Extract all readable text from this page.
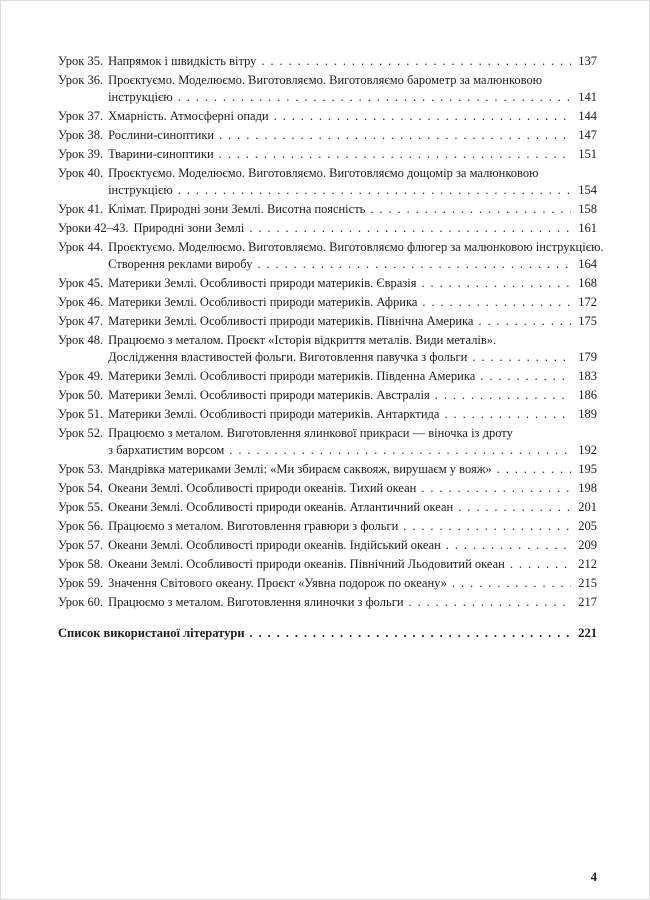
Урок 35. Напрямок і швидкість вітру . . .	137
Урок 36. Проєктуємо. Моделюємо. Виготовляємо. Виготовляємо барометр за малюнковою
інструкцією . . .	141
Урок 37. Хмарність. Атмосферні опади . . .	144
Урок 38. Рослини-синоптики . . .	147
Урок 39. Тварини-синоптики . . .	151
Урок 40. Проєктуємо. Моделюємо. Виготовляємо. Виготовляємо дощомір за малюнковою
інструкцією . . .	154
Урок 41. Клімат. Природні зони Землі. Висотна поясність . . .	158
Уроки 42–43. Природні зони Землі . . .	161
Урок 44. Проєктуємо. Моделюємо. Виготовляємо. Виготовляємо флюгер за малюнковою інструкцією.
Створення реклами виробу . . .	164
Урок 45. Материки Землі. Особливості природи материків. Євразія . . .	168
Урок 46. Материки Землі. Особливості природи материків. Африка . . .	172
Урок 47. Материки Землі. Особливості природи материків. Північна Америка . . .	175
Урок 48. Працюємо з металом. Проєкт «Історія відкриття металів. Види металів».
Дослідження властивостей фольги. Виготовлення павучка з фольги . . .	179
Урок 49. Материки Землі. Особливості природи материків. Південна Америка . . .	183
Урок 50. Материки Землі. Особливості природи материків. Австралія . . .	186
Урок 51. Материки Землі. Особливості природи материків. Антарктида . . .	189
Урок 52. Працюємо з металом. Виготовлення ялинкової прикраси — віночка із дроту
з бархатистим ворсом . . .	192
Урок 53. Мандрівка материками Землі: «Ми збираєм саквояж, вирушаєм у вояж» . . .	195
Урок 54. Океани Землі. Особливості природи океанів. Тихий океан . . .	198
Урок 55. Океани Землі. Особливості природи океанів. Атлантичний океан . . .	201
Урок 56. Працюємо з металом. Виготовлення гравюри з фольги . . .	205
Урок 57. Океани Землі. Особливості природи океанів. Індійський океан . . .	209
Урок 58. Океани Землі. Особливості природи океанів. Північний Льодовитий океан . . .	212
Урок 59. Значення Світового океану. Проєкт «Уявна подорож по океану» . . .	215
Урок 60. Працюємо з металом. Виготовлення ялиночки з фольги . . .	217
Список використаної літератури . . .	221
4
